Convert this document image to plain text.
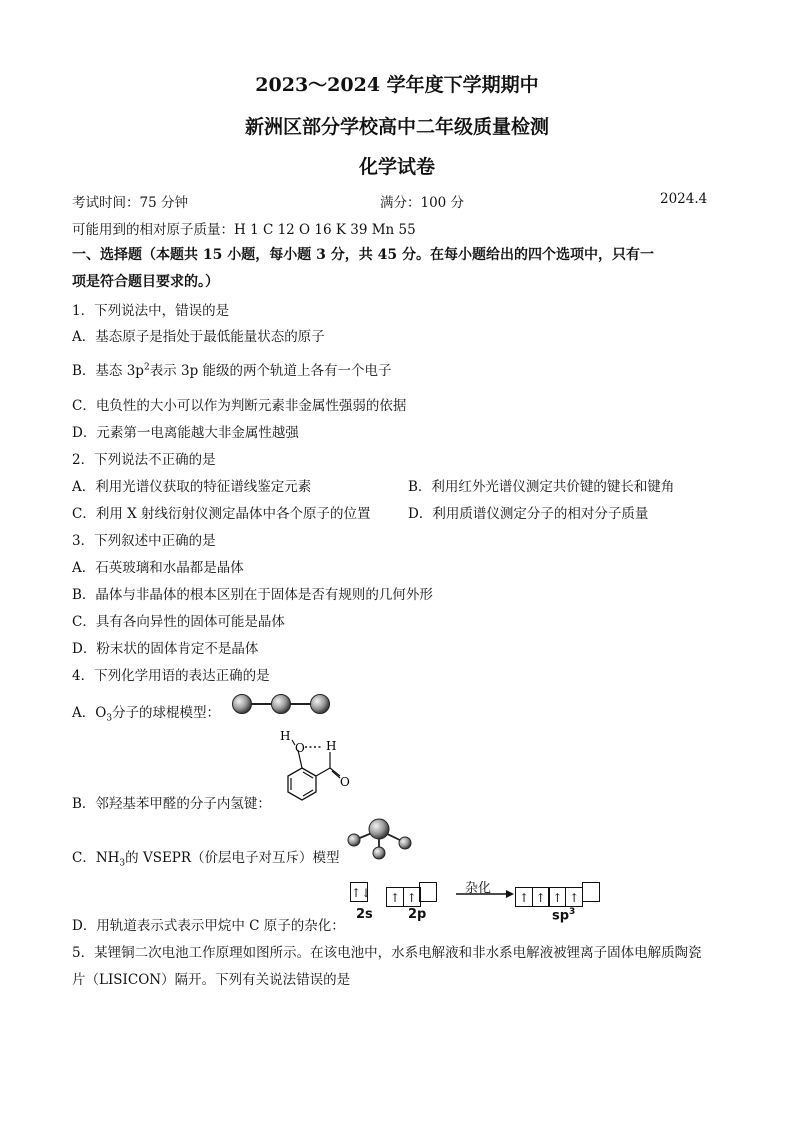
2023～2024 学年度下学期期中
新洲区部分学校高中二年级质量检测
化学试卷
考试时间：75 分钟	满分：100 分	2024.4
可能用到的相对原子质量：H 1 C 12 O 16 K 39 Mn 55
一、选择题（本题共 15 小题，每小题 3 分，共 45 分。在每小题给出的四个选项中，只有一
项是符合题目要求的。）
1．下列说法中，错误的是
A．基态原子是指处于最低能量状态的原子
B．基态 $3p^2$表示 3p 能级的两个轨道上各有一个电子
C．电负性的大小可以作为判断元素非金属性强弱的依据
D．元素第一电离能越大非金属性越强
2．下列说法不正确的是
A．利用光谱仪获取的特征谱线鉴定元素	B．利用红外光谱仪测定共价键的键长和键角
C．利用 X 射线衍射仪测定晶体中各个原子的位置	D．利用质谱仪测定分子的相对分子质量
3．下列叙述中正确的是
A．石英玻璃和水晶都是晶体
B．晶体与非晶体的根本区别在于固体是否有规则的几何外形
C．具有各向异性的固体可能是晶体
D．粉末状的固体肯定不是晶体
4．下列化学用语的表达正确的是
A．$O_3$分子的球棍模型：
B．邻羟基苯甲醛的分子内氢键：
H
O H
O
C．$NH_3$的 VSEPR（价层电子对互斥）模型
D．用轨道表示式表示甲烷中 C 原子的杂化：
↑↓	↑ ↑
杂化
↑ ↑ ↑ ↑
2s	2p	$sp^3$
5．某锂铜二次电池工作原理如图所示。在该电池中，水系电解液和非水系电解液被锂离子固体电解质陶瓷
片（LISICON）隔开。下列有关说法错误的是
